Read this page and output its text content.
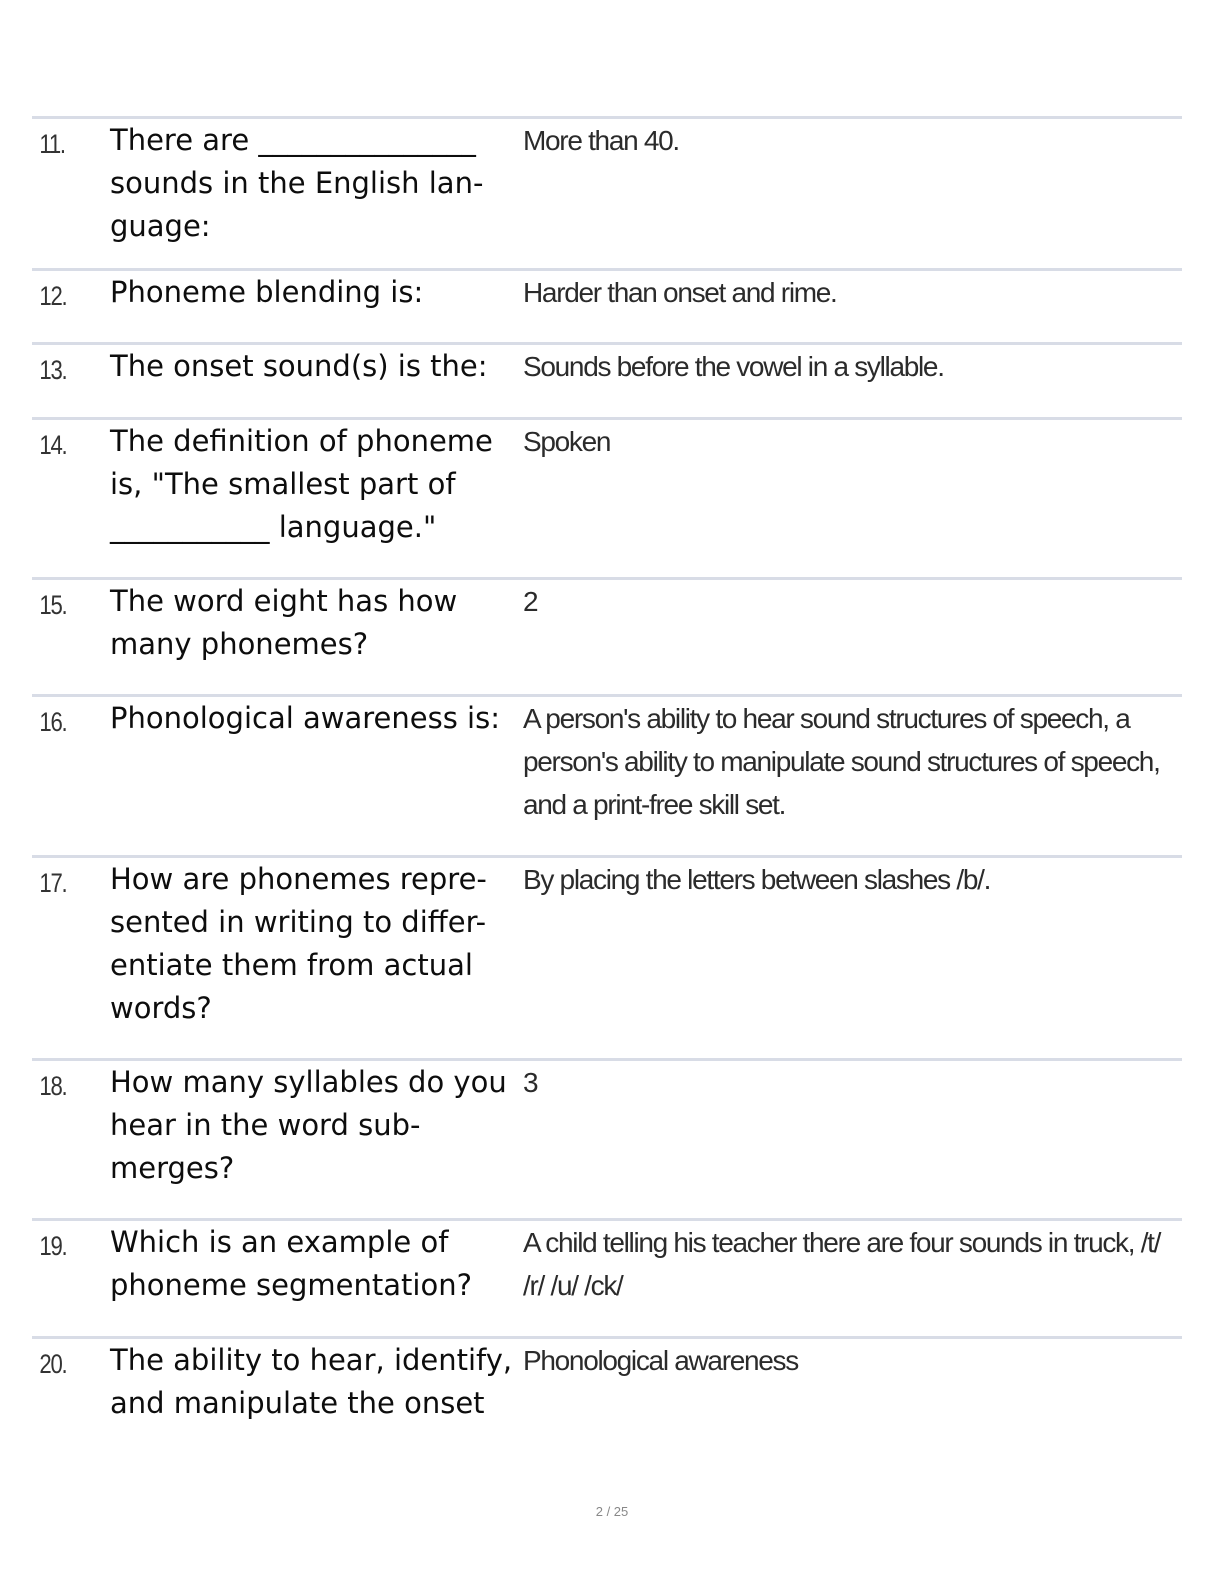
11.	There are _______________ sounds in the English lan- guage:	More than 40.
12.	Phoneme blending is:	Harder than onset and rime.
13.	The onset sound(s) is the:	Sounds before the vowel in a syllable.
14.	The definition of phoneme is, "The smallest part of ___________ language."	Spoken
15.	The word eight has how many phonemes?	2
16.	Phonological awareness is:	A person's ability to hear sound structures of speech, a person's ability to manipulate sound structures of speech, and a print-free skill set.
17.	How are phonemes repre- sented in writing to differ- entiate them from actual words?	By placing the letters between slashes /b/.
18.	How many syllables do you hear in the word sub- merges?	3
19.	Which is an example of phoneme segmentation?	A child telling his teacher there are four sounds in truck, /t/ /r/ /u/ /ck/
20.	The ability to hear, identify, and manipulate the onset	Phonological awareness
2 / 25
